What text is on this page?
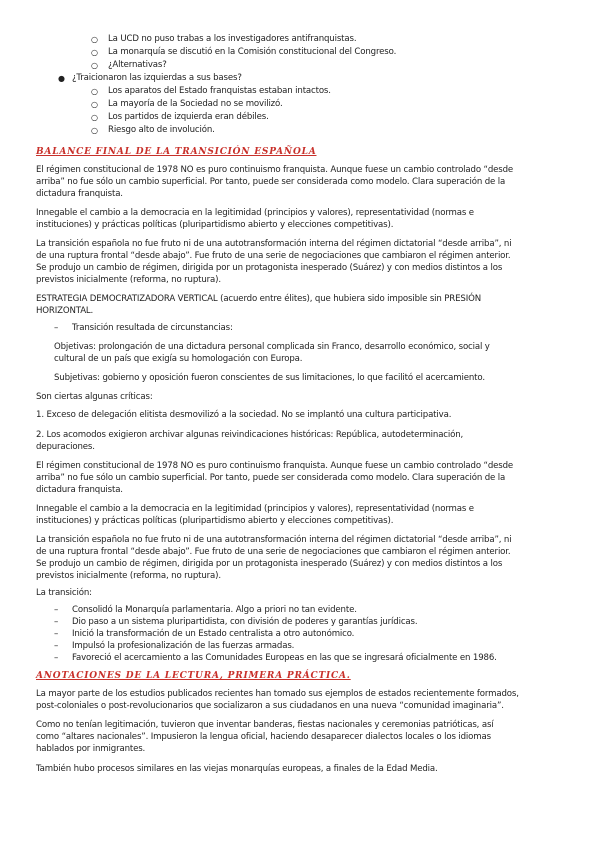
○ La UCD no puso trabas a los investigadores antifranquistas.
○ La monarquía se discutió en la Comisión constitucional del Congreso.
○ ¿Alternativas?
● ¿Traicionaron las izquierdas a sus bases?
○ Los aparatos del Estado franquistas estaban intactos.
○ La mayoría de la Sociedad no se movilizó.
○ Los partidos de izquierda eran débiles.
○ Riesgo alto de involución.
BALANCE FINAL DE LA TRANSICIÓN ESPAÑOLA
El régimen constitucional de 1978 NO es puro continuismo franquista. Aunque fuese un cambio controlado “desde
arriba” no fue sólo un cambio superficial. Por tanto, puede ser considerada como modelo. Clara superación de la
dictadura franquista.
Innegable el cambio a la democracia en la legitimidad (principios y valores), representatividad (normas e
instituciones) y prácticas políticas (pluripartidismo abierto y elecciones competitivas).
La transición española no fue fruto ni de una autotransformación interna del régimen dictatorial “desde arriba”, ni
de una ruptura frontal “desde abajo”. Fue fruto de una serie de negociaciones que cambiaron el régimen anterior.
Se produjo un cambio de régimen, dirigida por un protagonista inesperado (Suárez) y con medios distintos a los
previstos inicialmente (reforma, no ruptura).
ESTRATEGIA DEMOCRATIZADORA VERTICAL (acuerdo entre élites), que hubiera sido imposible sin PRESIÓN
HORIZONTAL.
– Transición resultada de circunstancias:
Objetivas: prolongación de una dictadura personal complicada sin Franco, desarrollo económico, social y
cultural de un país que exigía su homologación con Europa.
Subjetivas: gobierno y oposición fueron conscientes de sus limitaciones, lo que facilitó el acercamiento.
Son ciertas algunas críticas:
1. Exceso de delegación elitista desmovilizó a la sociedad. No se implantó una cultura participativa.
2. Los acomodos exigieron archivar algunas reivindicaciones históricas: República, autodeterminación,
depuraciones.
El régimen constitucional de 1978 NO es puro continuismo franquista. Aunque fuese un cambio controlado “desde
arriba” no fue sólo un cambio superficial. Por tanto, puede ser considerada como modelo. Clara superación de la
dictadura franquista.
Innegable el cambio a la democracia en la legitimidad (principios y valores), representatividad (normas e
instituciones) y prácticas políticas (pluripartidismo abierto y elecciones competitivas).
La transición española no fue fruto ni de una autotransformación interna del régimen dictatorial “desde arriba”, ni
de una ruptura frontal “desde abajo”. Fue fruto de una serie de negociaciones que cambiaron el régimen anterior.
Se produjo un cambio de régimen, dirigida por un protagonista inesperado (Suárez) y con medios distintos a los
previstos inicialmente (reforma, no ruptura).
La transición:
– Consolidó la Monarquía parlamentaria. Algo a priori no tan evidente.
– Dio paso a un sistema pluripartidista, con división de poderes y garantías jurídicas.
– Inició la transformación de un Estado centralista a otro autonómico.
– Impulsó la profesionalización de las fuerzas armadas.
– Favoreció el acercamiento a las Comunidades Europeas en las que se ingresará oficialmente en 1986.
ANOTACIONES DE LA LECTURA, PRIMERA PRÁCTICA.
La mayor parte de los estudios publicados recientes han tomado sus ejemplos de estados recientemente formados,
post-coloniales o post-revolucionarios que socializaron a sus ciudadanos en una nueva “comunidad imaginaria”.
Como no tenían legitimación, tuvieron que inventar banderas, fiestas nacionales y ceremonias patrióticas, así
como “altares nacionales”. Impusieron la lengua oficial, haciendo desaparecer dialectos locales o los idiomas
hablados por inmigrantes.
También hubo procesos similares en las viejas monarquías europeas, a finales de la Edad Media.
